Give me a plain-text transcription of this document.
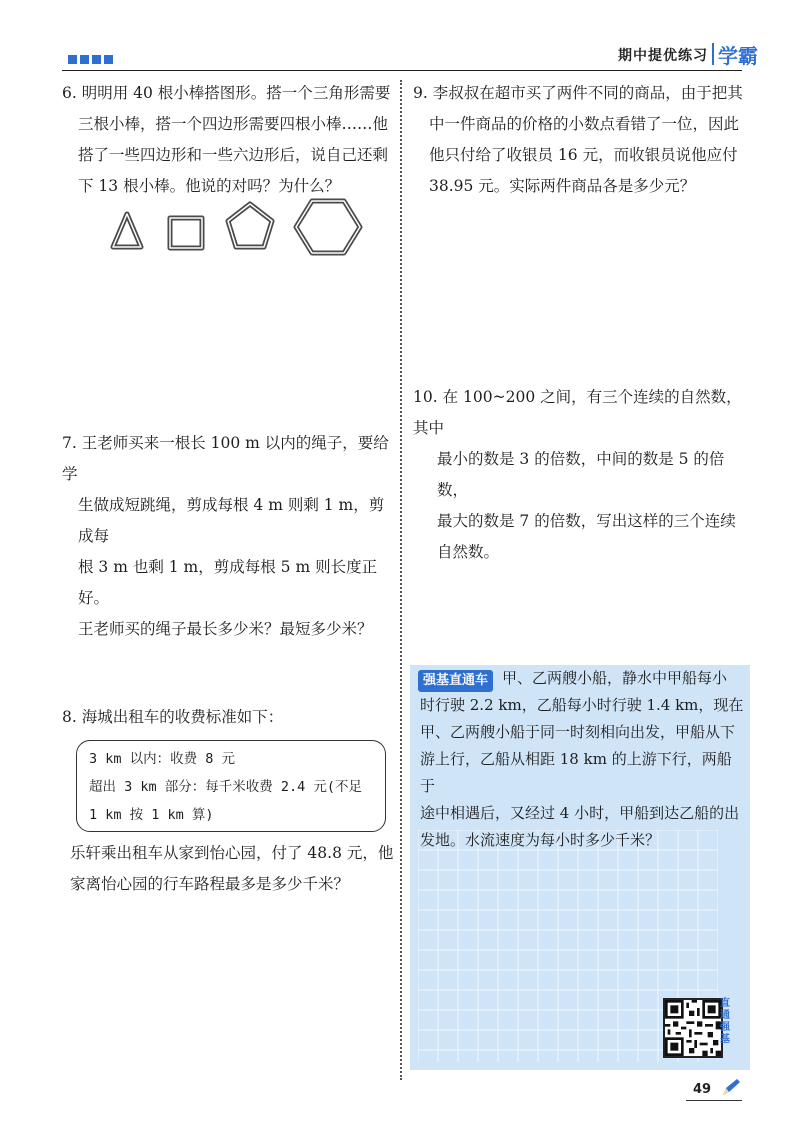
期中提优练习 学霸
6. 明明用 40 根小棒搭图形。搭一个三角形需要
三根小棒，搭一个四边形需要四根小棒……他
搭了一些四边形和一些六边形后，说自己还剩
下 13 根小棒。他说的对吗？为什么？
7. 王老师买来一根长 100 m 以内的绳子，要给学
生做成短跳绳，剪成每根 4 m 则剩 1 m，剪成每
根 3 m 也剩 1 m，剪成每根 5 m 则长度正好。
王老师买的绳子最长多少米？最短多少米？
8. 海城出租车的收费标准如下：
3 km 以内：收费 8 元
超出 3 km 部分：每千米收费 2.4 元(不足
1 km 按 1 km 算)
乐轩乘出租车从家到怡心园，付了 48.8 元，他
家离怡心园的行车路程最多是多少千米？
9. 李叔叔在超市买了两件不同的商品，由于把其
中一件商品的价格的小数点看错了一位，因此
他只付给了收银员 16 元，而收银员说他应付
38.95 元。实际两件商品各是多少元？
10. 在 100~200 之间，有三个连续的自然数，其中
最小的数是 3 的倍数，中间的数是 5 的倍数，
最大的数是 7 的倍数，写出这样的三个连续
自然数。
强基直通车 甲、乙两艘小船，静水中甲船每小
时行驶 2.2 km，乙船每小时行驶 1.4 km，现在
甲、乙两艘小船于同一时刻相向出发，甲船从下
游上行，乙船从相距 18 km 的上游下行，两船于
途中相遇后，又经过 4 小时，甲船到达乙船的出
发地。水流速度为每小时多少千米？
直通强基
49
